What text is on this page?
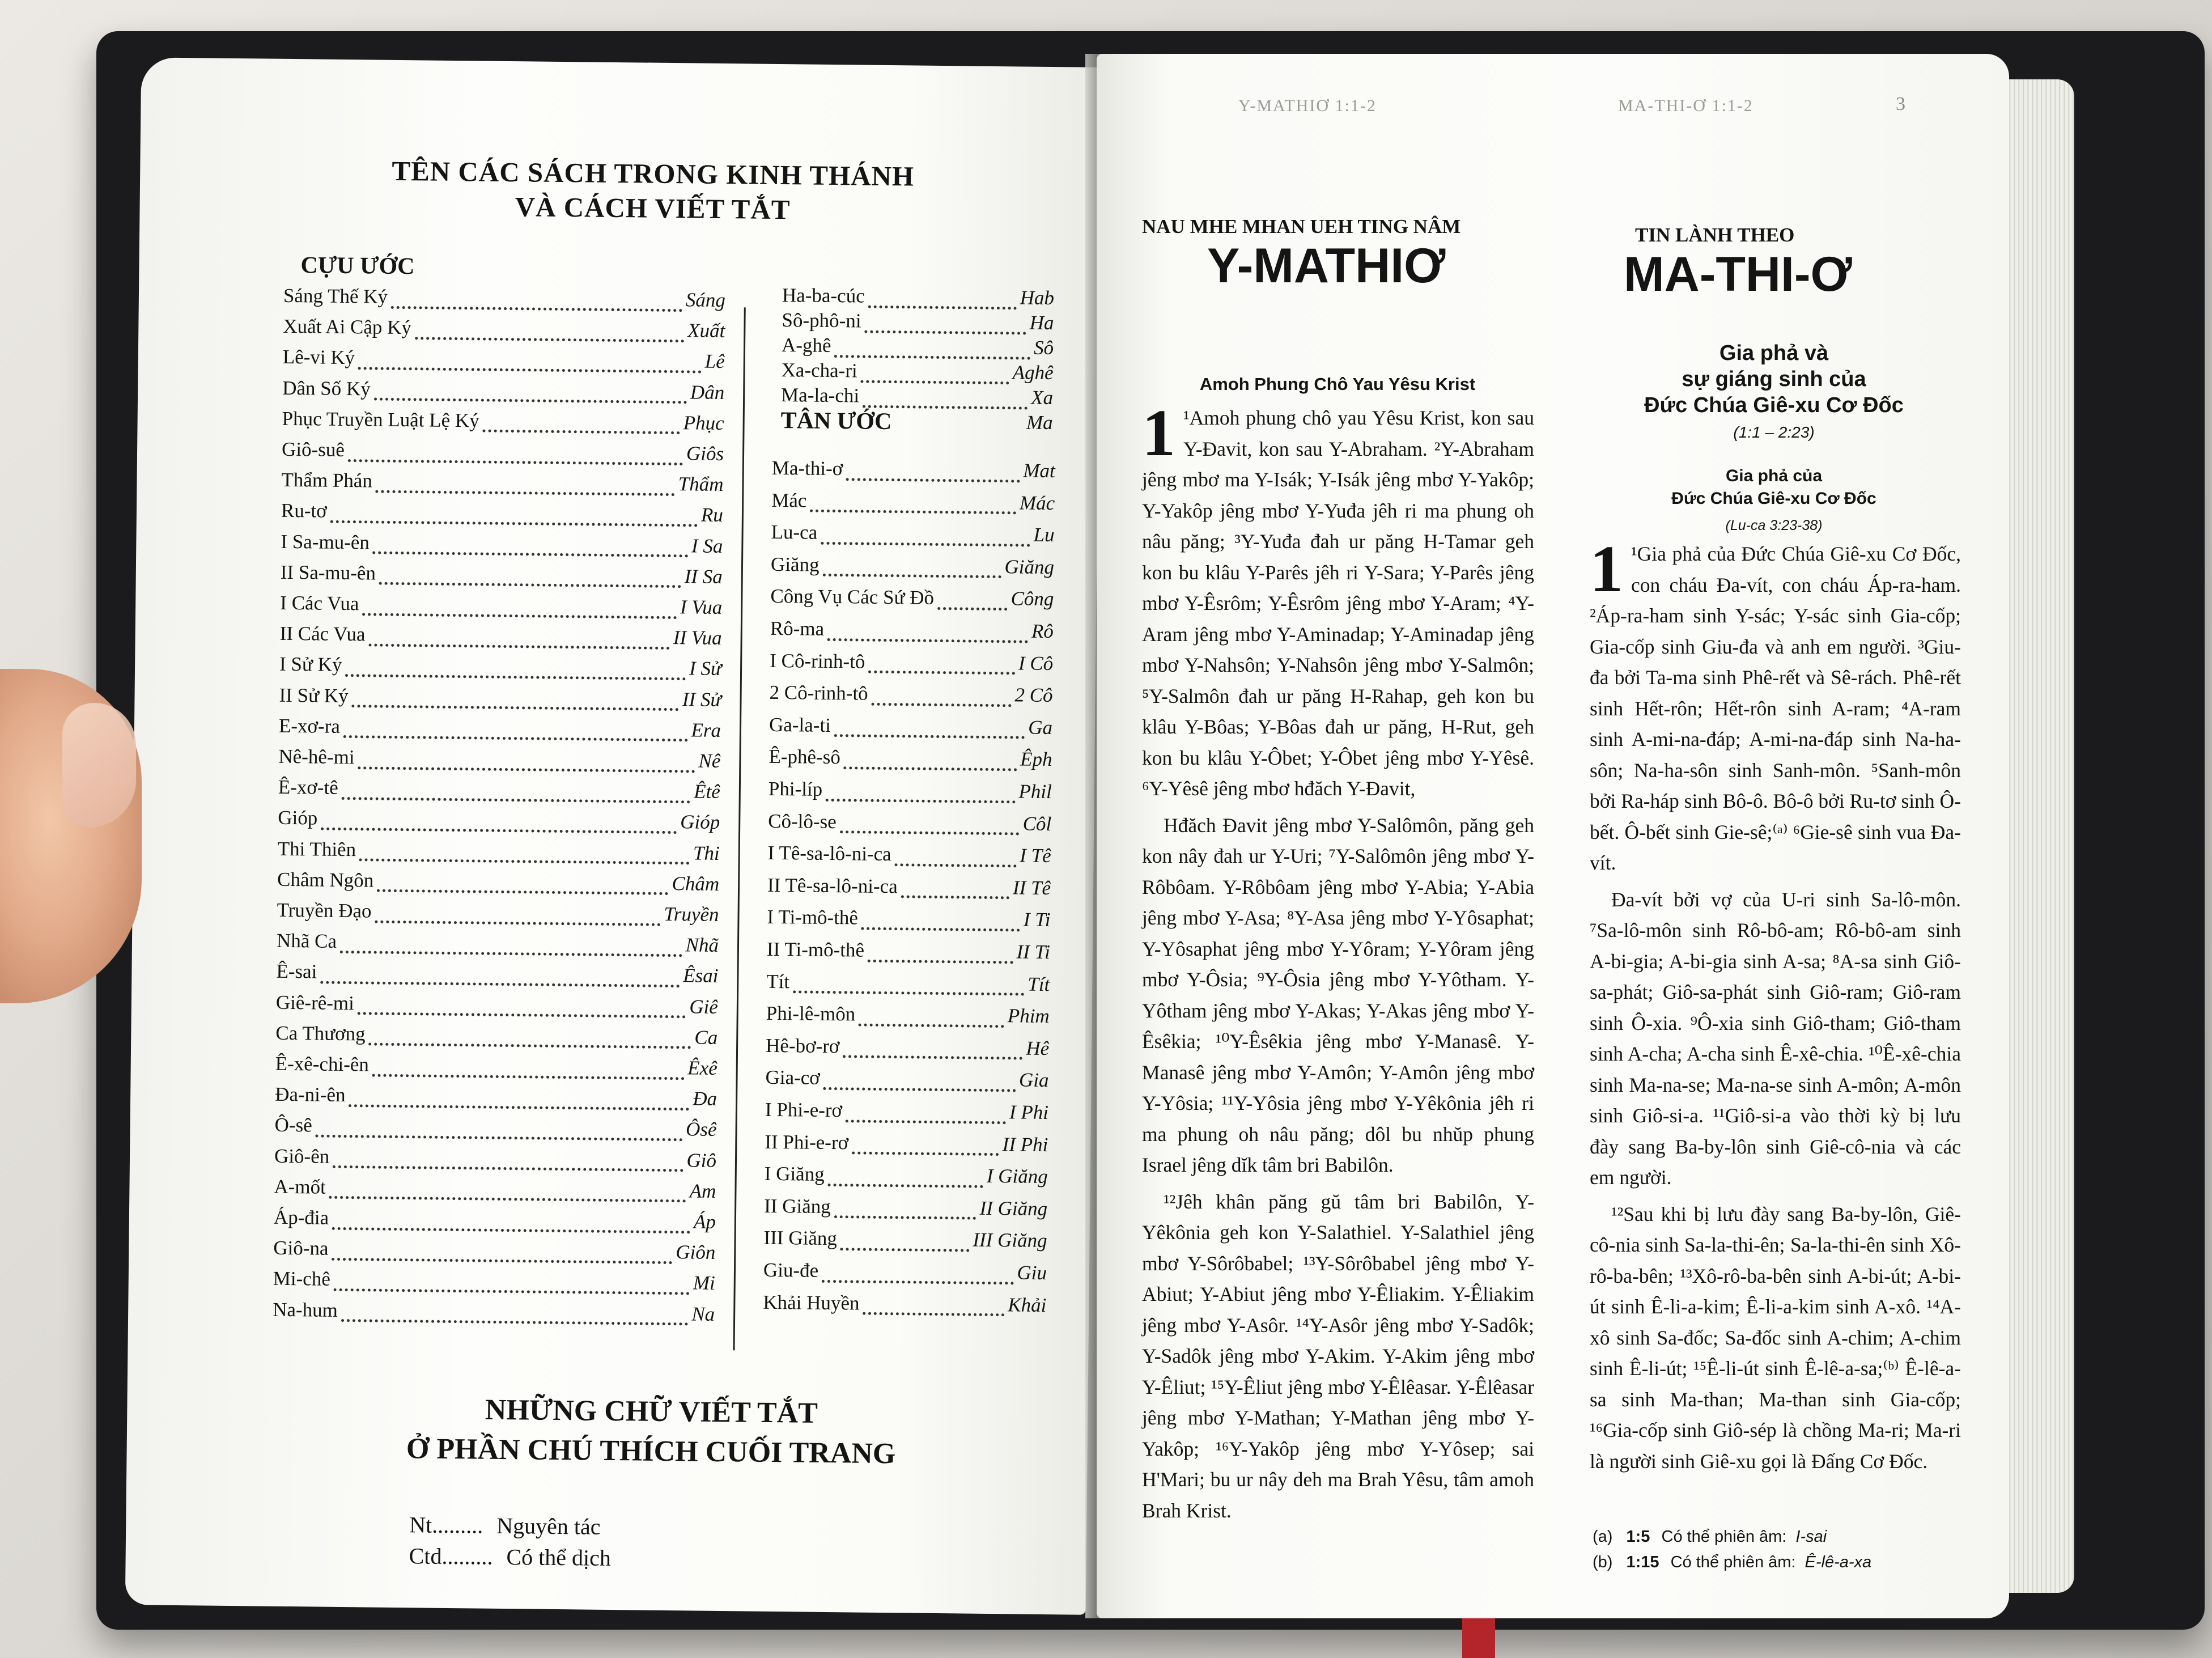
TÊN CÁC SÁCH TRONG KINH THÁNH
VÀ CÁCH VIẾT TẮT
CỰU ƯỚC
TÂN ƯỚC
Sáng Thế Ký	Sáng
Xuất Ai Cập Ký	Xuất
Lê-vi Ký	Lê
Dân Số Ký	Dân
Phục Truyền Luật Lệ Ký	Phục
Giô-suê	Giôs
Thẩm Phán	Thẩm
Ru-tơ	Ru
I Sa-mu-ên	I Sa
II Sa-mu-ên	II Sa
I Các Vua	I Vua
II Các Vua	II Vua
I Sử Ký	I Sử
II Sử Ký	II Sử
E-xơ-ra	Era
Nê-hê-mi	Nê
Ê-xơ-tê	Êtê
Gióp	Gióp
Thi Thiên	Thi
Châm Ngôn	Châm
Truyền Đạo	Truyền
Nhã Ca	Nhã
Ê-sai	Êsai
Giê-rê-mi	Giê
Ca Thương	Ca
Ê-xê-chi-ên	Êxê
Đa-ni-ên	Đa
Ô-sê	Ôsê
Giô-ên	Giô
A-mốt	Am
Áp-đia	Áp
Giô-na	Giôn
Mi-chê	Mi
Na-hum	Na
Ha-ba-cúc	Hab
Sô-phô-ni	Ha
A-ghê	Sô
Xa-cha-ri	Aghê
Ma-la-chi	Xa
Ma
Ma-thi-ơ	Mat
Mác	Mác
Lu-ca	Lu
Giăng	Giăng
Công Vụ Các Sứ Đồ	Công
Rô-ma	Rô
I Cô-rinh-tô	I Cô
2 Cô-rinh-tô	2 Cô
Ga-la-ti	Ga
Ê-phê-sô	Êph
Phi-líp	Phil
Cô-lô-se	Côl
I Tê-sa-lô-ni-ca	I Tê
II Tê-sa-lô-ni-ca	II Tê
I Ti-mô-thê	I Ti
II Ti-mô-thê	II Ti
Tít	Tít
Phi-lê-môn	Phim
Hê-bơ-rơ	Hê
Gia-cơ	Gia
I Phi-e-rơ	I Phi
II Phi-e-rơ	II Phi
I Giăng	I Giăng
II Giăng	II Giăng
III Giăng	III Giăng
Giu-đe	Giu
Khải Huyền	Khải
NHỮNG CHỮ VIẾT TẮT
Ở PHẦN CHÚ THÍCH CUỐI TRANG
Nt......... Nguyên tác
Ctd......... Có thể dịch
Y-MATHIƠ 1:1-2	MA-THI-Ơ 1:1-2	3
NAU MHE MHAN UEH TING NÂM
Y-MATHIƠ
Amoh Phung Chô Yau Yêsu Krist

1 ¹Amoh phung chô yau Yêsu Krist, kon sau Y-Đavit, kon sau Y-Abraham. ²Y-Abraham jêng mbơ ma Y-Isák; Y-Isák jêng mbơ Y-Yakôp; Y-Yakôp jêng mbơ Y-Yuđa jêh ri ma phung oh nâu păng; ³Y-Yuđa đah ur păng H-Tamar geh kon bu klâu Y-Parês jêh ri Y-Sara; Y-Parês jêng mbơ Y-Êsrôm; Y-Êsrôm jêng mbơ Y-Aram; ⁴Y-Aram jêng mbơ Y-Aminadap; Y-Aminadap jêng mbơ Y-Nahsôn; Y-Nahsôn jêng mbơ Y-Salmôn; ⁵Y-Salmôn đah ur păng H-Rahap, geh kon bu klâu Y-Bôas; Y-Bôas đah ur păng, H-Rut, geh kon bu klâu Y-Ôbet; Y-Ôbet jêng mbơ Y-Yêsê. ⁶Y-Yêsê jêng mbơ hđăch Y-Đavit,

Hđăch Đavit jêng mbơ Y-Salômôn, păng geh kon nây đah ur Y-Uri; ⁷Y-Salômôn jêng mbơ Y-Rôbôam. Y-Rôbôam jêng mbơ Y-Abia; Y-Abia jêng mbơ Y-Asa; ⁸Y-Asa jêng mbơ Y-Yôsaphat; Y-Yôsaphat jêng mbơ Y-Yôram; Y-Yôram jêng mbơ Y-Ôsia; ⁹Y-Ôsia jêng mbơ Y-Yôtham. Y-Yôtham jêng mbơ Y-Akas; Y-Akas jêng mbơ Y-Êsêkia; ¹⁰Y-Êsêkia jêng mbơ Y-Manasê. Y-Manasê jêng mbơ Y-Amôn; Y-Amôn jêng mbơ Y-Yôsia; ¹¹Y-Yôsia jêng mbơ Y-Yêkônia jêh ri ma phung oh nâu păng; dôl bu nhŭp phung Israel jêng dĭk tâm bri Babilôn.

¹²Jêh khân păng gŭ tâm bri Babilôn, Y-Yêkônia geh kon Y-Salathiel. Y-Salathiel jêng mbơ Y-Sôrôbabel; ¹³Y-Sôrôbabel jêng mbơ Y-Abiut; Y-Abiut jêng mbơ Y-Êliakim. Y-Êliakim jêng mbơ Y-Asôr. ¹⁴Y-Asôr jêng mbơ Y-Sadôk; Y-Sadôk jêng mbơ Y-Akim. Y-Akim jêng mbơ Y-Êliut; ¹⁵Y-Êliut jêng mbơ Y-Êlêasar. Y-Êlêasar jêng mbơ Y-Mathan; Y-Mathan jêng mbơ Y-Yakôp; ¹⁶Y-Yakôp jêng mbơ Y-Yôsep; sai H'Mari; bu ur nây deh ma Brah Yêsu, tâm amoh Brah Krist.

TIN LÀNH THEO
MA-THI-Ơ
Gia phả và
sự giáng sinh của
Đức Chúa Giê-xu Cơ Đốc
(1:1 – 2:23)
Gia phả của
Đức Chúa Giê-xu Cơ Đốc
(Lu-ca 3:23-38)

1 ¹Gia phả của Đức Chúa Giê-xu Cơ Đốc, con cháu Đa-vít, con cháu Áp-ra-ham. ²Áp-ra-ham sinh Y-sác; Y-sác sinh Gia-cốp; Gia-cốp sinh Giu-đa và anh em người. ³Giu-đa bởi Ta-ma sinh Phê-rết và Sê-rách. Phê-rết sinh Hết-rôn; Hết-rôn sinh A-ram; ⁴A-ram sinh A-mi-na-đáp; A-mi-na-đáp sinh Na-ha-sôn; Na-ha-sôn sinh Sanh-môn. ⁵Sanh-môn bởi Ra-háp sinh Bô-ô. Bô-ô bởi Ru-tơ sinh Ô-bết. Ô-bết sinh Gie-sê;⁽ᵃ⁾ ⁶Gie-sê sinh vua Đa-vít.

Đa-vít bởi vợ của U-ri sinh Sa-lô-môn. ⁷Sa-lô-môn sinh Rô-bô-am; Rô-bô-am sinh A-bi-gia; A-bi-gia sinh A-sa; ⁸A-sa sinh Giô-sa-phát; Giô-sa-phát sinh Giô-ram; Giô-ram sinh Ô-xia. ⁹Ô-xia sinh Giô-tham; Giô-tham sinh A-cha; A-cha sinh Ê-xê-chia. ¹⁰Ê-xê-chia sinh Ma-na-se; Ma-na-se sinh A-môn; A-môn sinh Giô-si-a. ¹¹Giô-si-a vào thời kỳ bị lưu đày sang Ba-by-lôn sinh Giê-cô-nia và các em người.

¹²Sau khi bị lưu đày sang Ba-by-lôn, Giê-cô-nia sinh Sa-la-thi-ên; Sa-la-thi-ên sinh Xô-rô-ba-bên; ¹³Xô-rô-ba-bên sinh A-bi-út; A-bi-út sinh Ê-li-a-kim; Ê-li-a-kim sinh A-xô. ¹⁴A-xô sinh Sa-đốc; Sa-đốc sinh A-chim; A-chim sinh Ê-li-út; ¹⁵Ê-li-út sinh Ê-lê-a-sa;⁽ᵇ⁾ Ê-lê-a-sa sinh Ma-than; Ma-than sinh Gia-cốp; ¹⁶Gia-cốp sinh Giô-sép là chồng Ma-ri; Ma-ri là người sinh Giê-xu gọi là Đấng Cơ Đốc.

(a) 1:5 Có thể phiên âm: I-sai
(b) 1:15 Có thể phiên âm: Ê-lê-a-xa
